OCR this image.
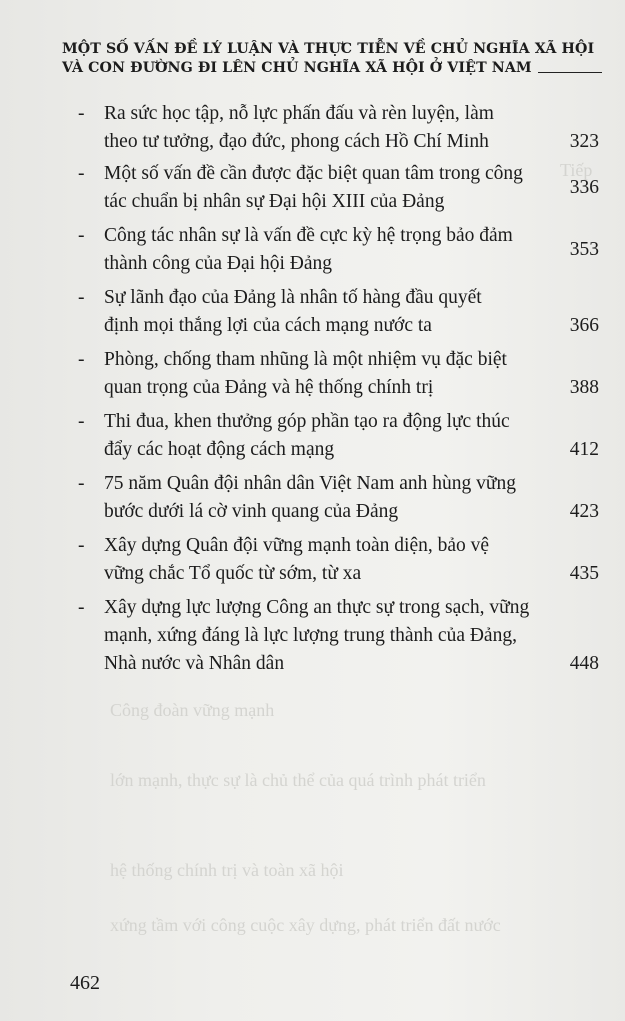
Tiếp
Công đoàn vững mạnh
lớn mạnh, thực sự là chủ thể của quá trình phát triển
hệ thống chính trị và toàn xã hội
xứng tầm với công cuộc xây dựng, phát triển đất nước
MỘT SỐ VẤN ĐỀ LÝ LUẬN VÀ THỰC TIỄN VỀ CHỦ NGHĨA XÃ HỘI
VÀ CON ĐƯỜNG ĐI LÊN CHỦ NGHĨA XÃ HỘI Ở VIỆT NAM
-	Ra sức học tập, nỗ lực phấn đấu và rèn luyện, làm
theo tư tưởng, đạo đức, phong cách Hồ Chí Minh	323
-	Một số vấn đề cần được đặc biệt quan tâm trong công
tác chuẩn bị nhân sự Đại hội XIII của Đảng
336
-	Công tác nhân sự là vấn đề cực kỳ hệ trọng bảo đảm
thành công của Đại hội Đảng
353
-	Sự lãnh đạo của Đảng là nhân tố hàng đầu quyết
định mọi thắng lợi của cách mạng nước ta	366
-	Phòng, chống tham nhũng là một nhiệm vụ đặc biệt
quan trọng của Đảng và hệ thống chính trị	388
-	Thi đua, khen thưởng góp phần tạo ra động lực thúc
đẩy các hoạt động cách mạng	412
-	75 năm Quân đội nhân dân Việt Nam anh hùng vững
bước dưới lá cờ vinh quang của Đảng	423
-	Xây dựng Quân đội vững mạnh toàn diện, bảo vệ
vững chắc Tổ quốc từ sớm, từ xa	435
-	Xây dựng lực lượng Công an thực sự trong sạch, vững
mạnh, xứng đáng là lực lượng trung thành của Đảng,
Nhà nước và Nhân dân	448
462
